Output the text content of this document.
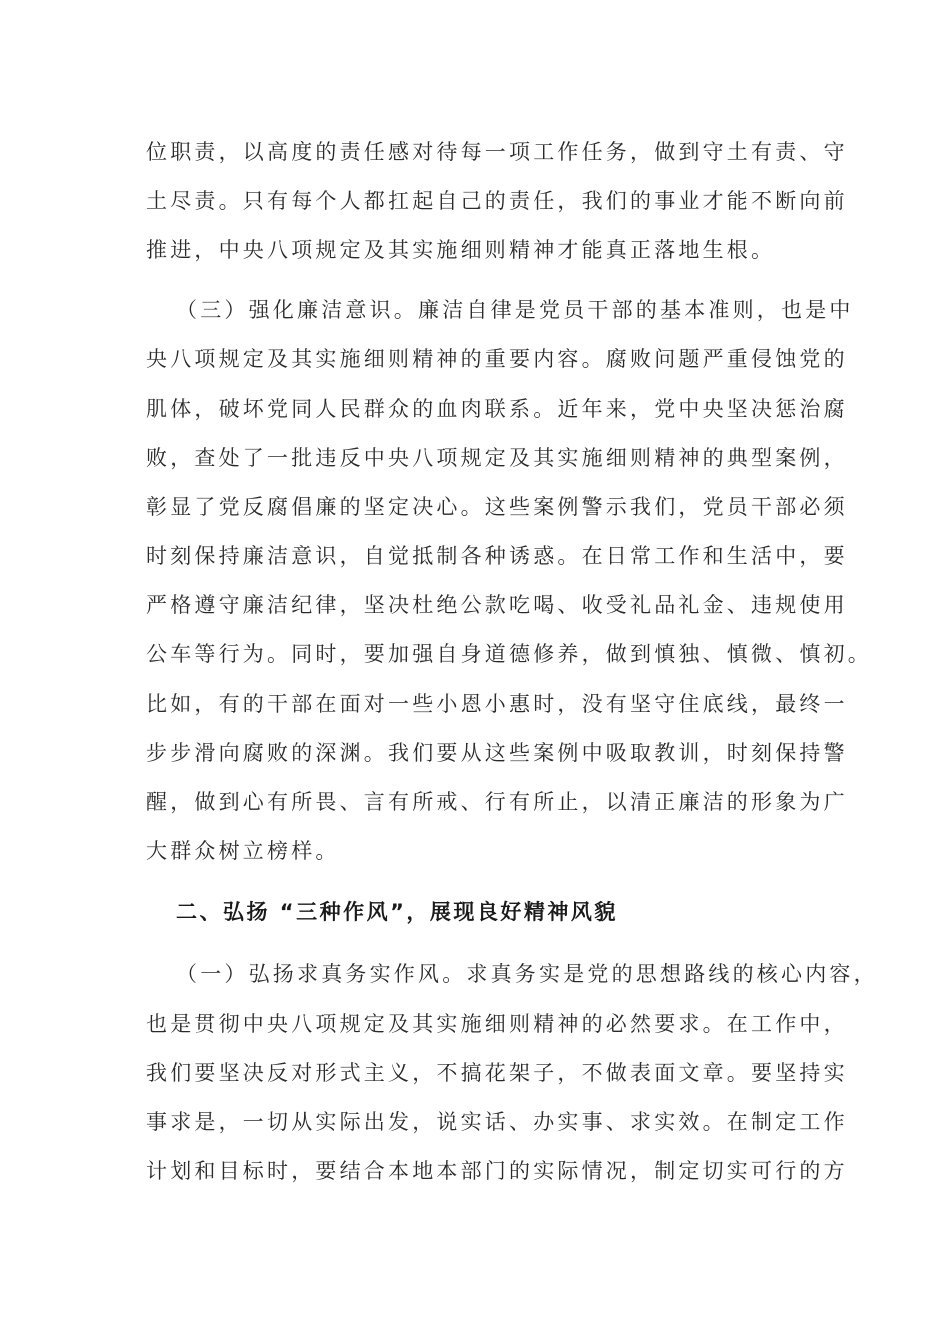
位职责，以高度的责任感对待每一项工作任务，做到守土有责、守
土尽责。只有每个人都扛起自己的责任，我们的事业才能不断向前
推进，中央八项规定及其实施细则精神才能真正落地生根。
（三）强化廉洁意识。廉洁自律是党员干部的基本准则，也是中
央八项规定及其实施细则精神的重要内容。腐败问题严重侵蚀党的
肌体，破坏党同人民群众的血肉联系。近年来，党中央坚决惩治腐
败，查处了一批违反中央八项规定及其实施细则精神的典型案例，
彰显了党反腐倡廉的坚定决心。这些案例警示我们，党员干部必须
时刻保持廉洁意识，自觉抵制各种诱惑。在日常工作和生活中，要
严格遵守廉洁纪律，坚决杜绝公款吃喝、收受礼品礼金、违规使用
公车等行为。同时，要加强自身道德修养，做到慎独、慎微、慎初。
比如，有的干部在面对一些小恩小惠时，没有坚守住底线，最终一
步步滑向腐败的深渊。我们要从这些案例中吸取教训，时刻保持警
醒，做到心有所畏、言有所戒、行有所止，以清正廉洁的形象为广
大群众树立榜样。
二、弘扬 “三种作风”，展现良好精神风貌
（一）弘扬求真务实作风。求真务实是党的思想路线的核心内容，
也是贯彻中央八项规定及其实施细则精神的必然要求。在工作中，
我们要坚决反对形式主义，不搞花架子，不做表面文章。要坚持实
事求是，一切从实际出发，说实话、办实事、求实效。在制定工作
计划和目标时，要结合本地本部门的实际情况，制定切实可行的方
